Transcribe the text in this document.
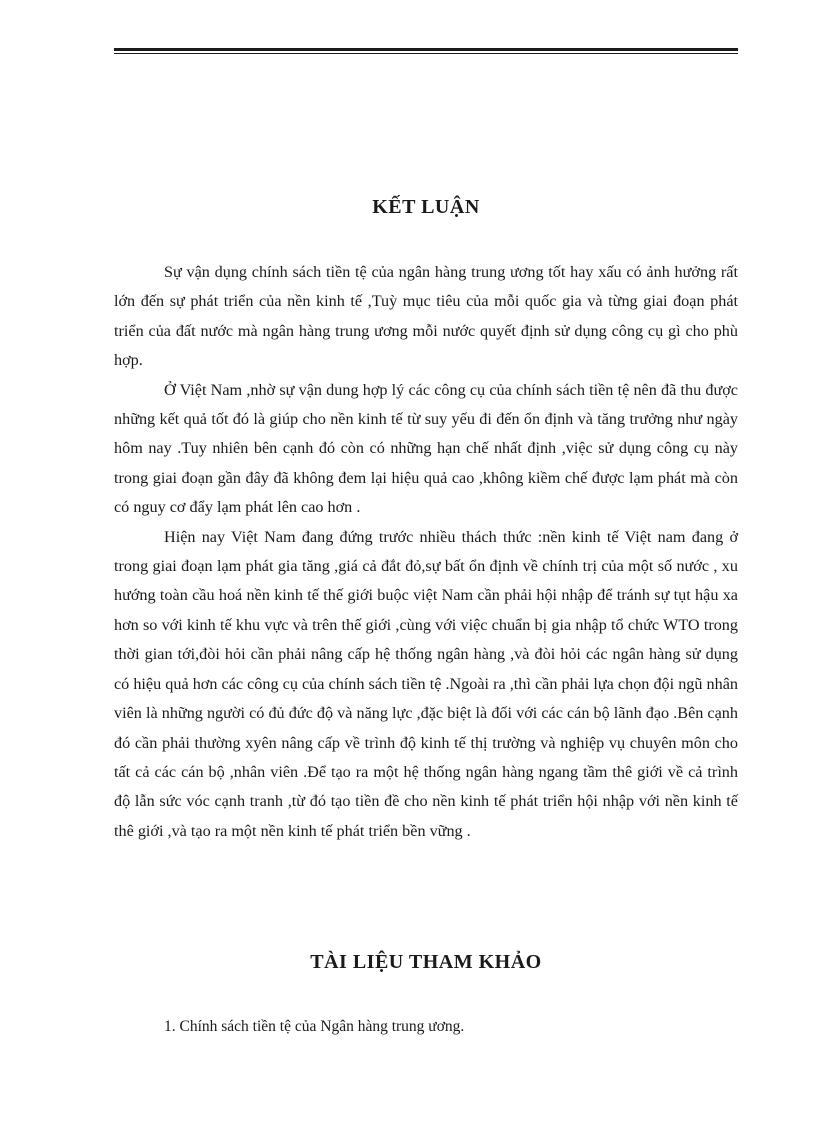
KẾT LUẬN

Sự vận dụng chính sách tiền tệ của ngân hàng trung ương tốt hay xấu có ảnh hưởng rất lớn đến sự phát triển của nền kinh tế ,Tuỳ mục tiêu của mỗi quốc gia và từng giai đoạn phát triển của đất nước mà ngân hàng trung ương mỗi nước quyết định sử dụng công cụ gì cho phù hợp.

Ở Việt Nam ,nhờ sự vận dung hợp lý các công cụ của chính sách tiền tệ nên đã thu được những kết quả tốt đó là giúp cho nền kinh tế từ suy yếu đi đến ổn định và tăng trưởng như ngày hôm nay .Tuy nhiên bên cạnh đó còn có những hạn chế nhất định ,việc sử dụng công cụ này trong giai đoạn gần đây đã không đem lại hiệu quả cao ,không kiềm chế được lạm phát mà còn có nguy cơ đẩy lạm phát lên cao hơn .

Hiện nay Việt Nam đang đứng trước nhiều thách thức :nền kinh tế Việt nam đang ở trong giai đoạn lạm phát gia tăng ,giá cả đắt đỏ,sự bất ổn định về chính trị của một số nước , xu hướng toàn cầu hoá nền kinh tế thế giới buộc việt Nam cần phải hội nhập để tránh sự tụt hậu xa hơn so với kinh tế khu vực và trên thế giới ,cùng với việc chuẩn bị gia nhập tổ chức WTO trong thời gian tới,đòi hỏi cần phải nâng cấp hệ thống ngân hàng ,và đòi hỏi các ngân hàng sử dụng có hiệu quả hơn các công cụ của chính sách tiền tệ .Ngoài ra ,thì cần phải lựa chọn đội ngũ nhân viên là những người có đủ đức độ và năng lực ,đặc biệt là đối với các cán bộ lãnh đạo .Bên cạnh đó cần phải thường xyên nâng cấp về trình độ kinh tế thị trường và nghiệp vụ chuyên môn cho tất cả các cán bộ ,nhân viên .Để tạo ra một hệ thống ngân hàng ngang tầm thê giới về cả trình độ lẫn sức vóc cạnh tranh ,từ đó tạo tiền đề cho nền kinh tế phát triển hội nhập với nền kinh tế thê giới ,và tạo ra một nền kinh tế phát triển bền vững .

TÀI LIỆU THAM KHẢO

1. Chính sách tiền tệ của Ngân hàng trung ương.
